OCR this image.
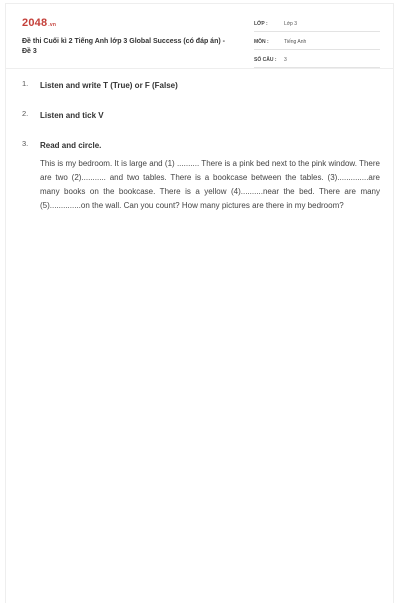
2048.vn
Đề thi Cuối kì 2 Tiếng Anh lớp 3 Global Success (có đáp án) - Đề 3
LỚP :	Lớp 3
MÔN :	Tiếng Anh
SỐ CÂU : 3
1. Listen and write T (True) or F (False)
2. Listen and tick V
3. Read and circle.
This is my bedroom. It is large and (1) .......... There is a pink bed next to the pink window. There are two (2)........... and two tables. There is a bookcase between the tables. (3)..............are many books on the bookcase. There is a yellow (4)..........near the bed. There are many (5)..............on the wall. Can you count? How many pictures are there in my bedroom?
